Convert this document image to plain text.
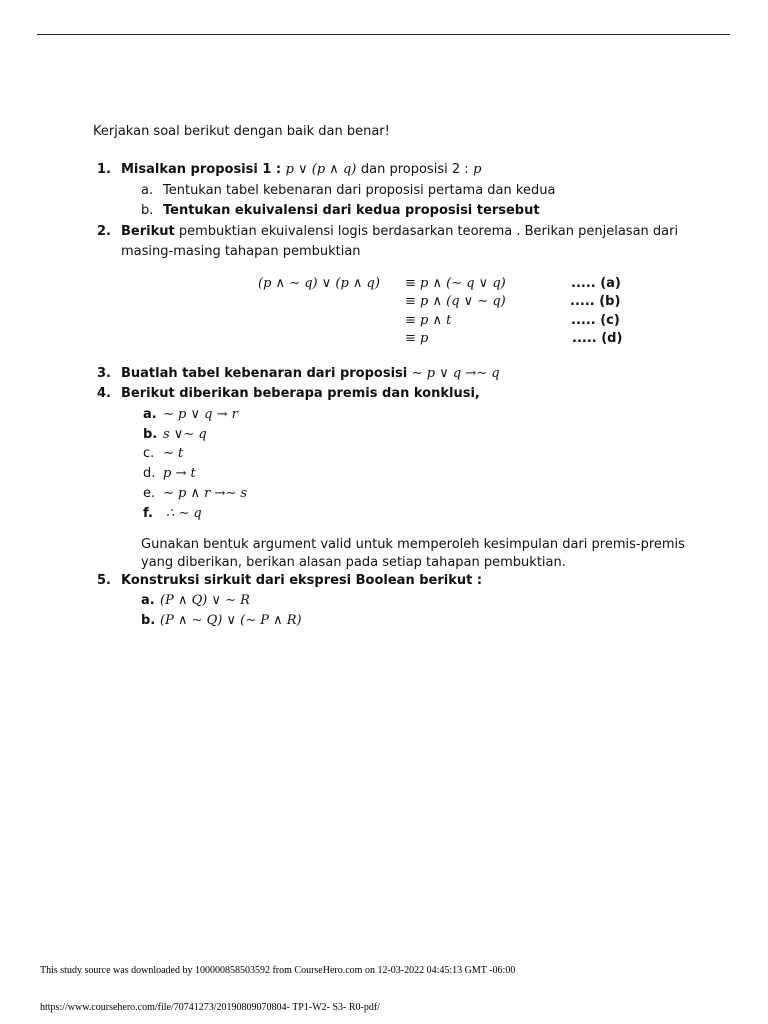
Kerjakan soal berikut dengan baik dan benar!
1. Misalkan proposisi 1 : p ∨ (p ∧ q) dan proposisi 2 : p
a. Tentukan tabel kebenaran dari proposisi pertama dan kedua
b. Tentukan ekuivalensi dari kedua proposisi tersebut
2. Berikut pembuktian ekuivalensi logis berdasarkan teorema . Berikan penjelasan dari
masing-masing tahapan pembuktian
(p ∧ ∼ q) ∨ (p ∧ q) ≡ p ∧ (∼ q ∨ q)	..... (a)
≡ p ∧ (q ∨ ∼ q)	..... (b)
≡ p ∧ t	..... (c)
≡ p	..... (d)
3. Buatlah tabel kebenaran dari proposisi ∼ p ∨ q →∼ q
4. Berikut diberikan beberapa premis dan konklusi,
a. ∼ p ∨ q → r
b. s ∨∼ q
c. ∼ t
d. p → t
e. ∼ p ∧ r →∼ s
f. ∴ ∼ q
Gunakan bentuk argument valid untuk memperoleh kesimpulan dari premis-premis
yang diberikan, berikan alasan pada setiap tahapan pembuktian.
5. Konstruksi sirkuit dari ekspresi Boolean berikut :
a. (P ∧ Q) ∨ ∼ R
b. (P ∧ ∼ Q) ∨ (∼ P ∧ R)
This study source was downloaded by 100000858503592 from CourseHero.com on 12-03-2022 04:45:13 GMT -06:00
https://www.coursehero.com/file/70741273/20190809070804- TP1-W2- S3- R0-pdf/
